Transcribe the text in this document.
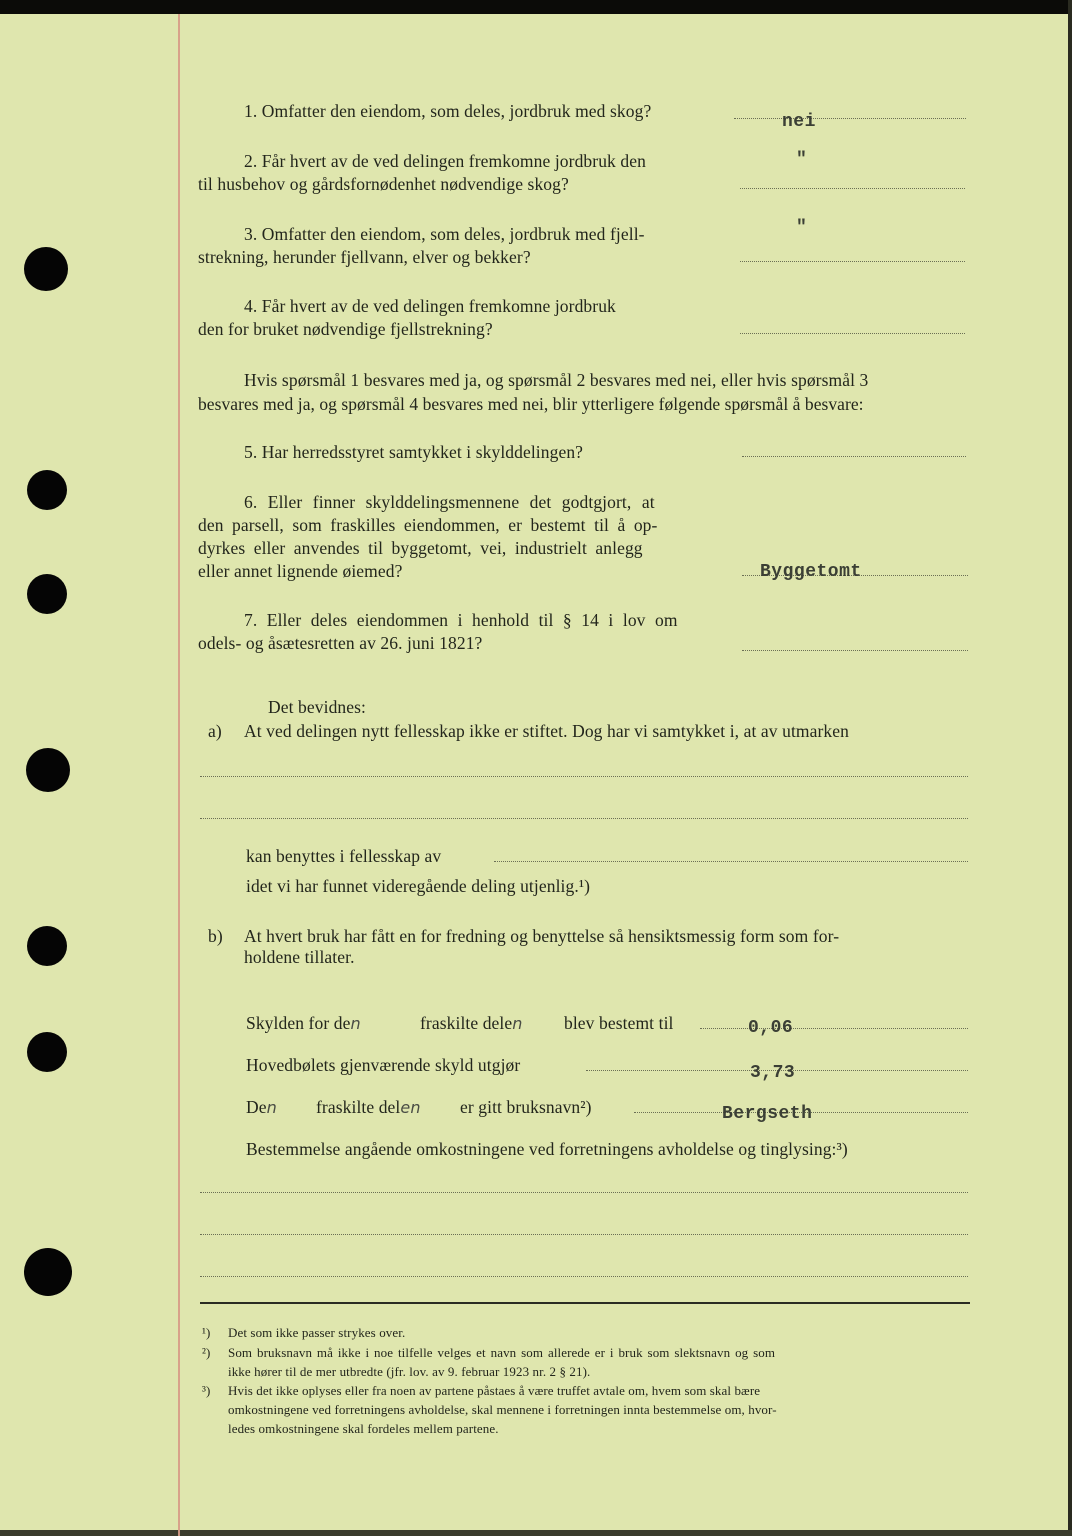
1. Omfatter den eiendom, som deles, jordbruk med skog?
nei
2. Får hvert av de ved delingen fremkomne jordbruk den
til husbehov og gårdsfornødenhet nødvendige skog?
"
3. Omfatter den eiendom, som deles, jordbruk med fjell-
strekning, herunder fjellvann, elver og bekker?
"
4. Får hvert av de ved delingen fremkomne jordbruk
den for bruket nødvendige fjellstrekning?
Hvis spørsmål 1 besvares med ja, og spørsmål 2 besvares med nei, eller hvis spørsmål 3
besvares med ja, og spørsmål 4 besvares med nei, blir ytterligere følgende spørsmål å besvare:
5. Har herredsstyret samtykket i skylddelingen?
6. Eller finner skylddelingsmennene det godtgjort, at
den parsell, som fraskilles eiendommen, er bestemt til å op-
dyrkes eller anvendes til byggetomt, vei, industrielt anlegg
eller annet lignende øiemed?	Byggetomt
7. Eller deles eiendommen i henhold til § 14 i lov om
odels- og åsætesretten av 26. juni 1821?
Det bevidnes:
a) At ved delingen nytt fellesskap ikke er stiftet. Dog har vi samtykket i, at av utmarken
kan benyttes i fellesskap av
idet vi har funnet videregående deling utjenlig.¹)
b) At hvert bruk har fått en for fredning og benyttelse så hensiktsmessig form som for-
holdene tillater.
Skylden for den	fraskilte delen blev bestemt til	0,06
Hovedbølets gjenværende skyld utgjør	3,73
Den fraskilte delen er gitt bruksnavn²)	Bergseth
Bestemmelse angående omkostningene ved forretningens avholdelse og tinglysing:³)
¹) Det som ikke passer strykes over.
²) Som bruksnavn må ikke i noe tilfelle velges et navn som allerede er i bruk som slektsnavn og som
ikke hører til de mer utbredte (jfr. lov. av 9. februar 1923 nr. 2 § 21).
³) Hvis det ikke oplyses eller fra noen av partene påstaes å være truffet avtale om, hvem som skal bære
omkostningene ved forretningens avholdelse, skal mennene i forretningen innta bestemmelse om, hvor-
ledes omkostningene skal fordeles mellem partene.
